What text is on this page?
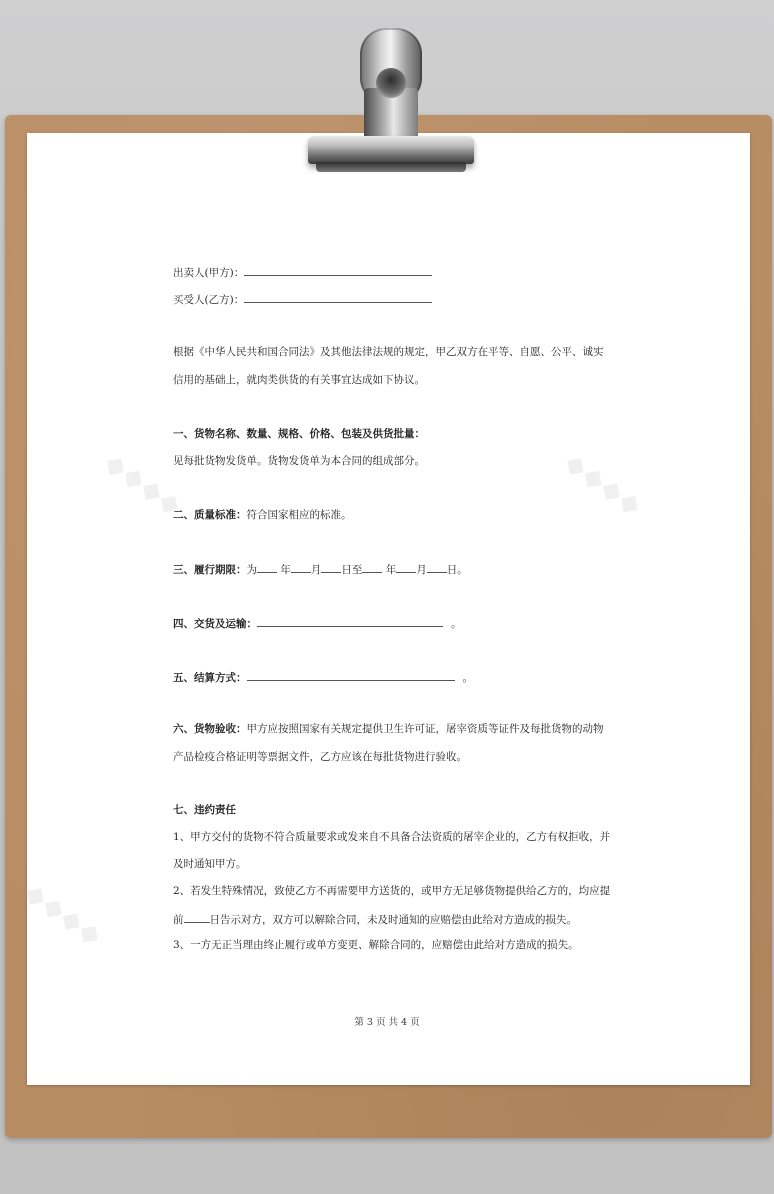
出卖人(甲方)：
买受人(乙方)：
根据《中华人民共和国合同法》及其他法律法规的规定，甲乙双方在平等、自愿、公平、诚实
信用的基础上，就肉类供货的有关事宜达成如下协议。
一、货物名称、数量、规格、价格、包装及供货批量：
见每批货物发货单。货物发货单为本合同的组成部分。
二、质量标准：符合国家相应的标准。
三、履行期限：为 年 月 日至 年 月 日。
四、交货及运输：	。
五、结算方式：	。
六、货物验收：甲方应按照国家有关规定提供卫生许可证，屠宰资质等证件及每批货物的动物
产品检疫合格证明等票据文件，乙方应该在每批货物进行验收。
七、违约责任
1、甲方交付的货物不符合质量要求或发来自不具备合法资质的屠宰企业的，乙方有权拒收，并
及时通知甲方。
2、若发生特殊情况，致使乙方不再需要甲方送货的，或甲方无足够货物提供给乙方的，均应提
前 日告示对方，双方可以解除合同，未及时通知的应赔偿由此给对方造成的损失。
3、一方无正当理由终止履行或单方变更、解除合同的，应赔偿由此给对方造成的损失。
第 3 页 共 4 页
